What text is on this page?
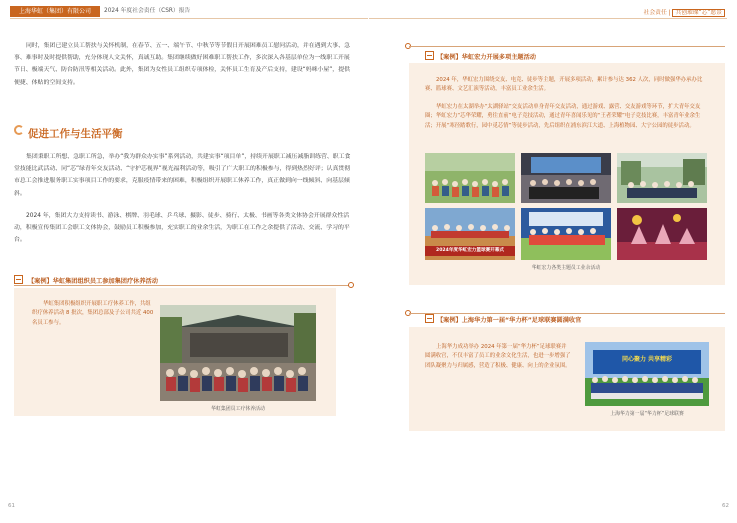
上海华虹（集团）有限公司	2024 年度社会责任（CSR）报告

同时，集团已建立员工帮扶与关怀机制，在春节、五一、端午节、中秋节等节假日开展困难员工慰问活动，并在遇到大事、急事、难事时及时提供帮助，充分体现人文关怀，真诚互助。集团继续做好困难职工帮扶工作，多次深入各基层单位为一线职工开展节日、极端天气、防台防汛等相关活动。此外，集团为女性员工组织专项体检，关怀员工生育及产后支持，建设“妈咪小屋”，提供便捷、体贴的空间支持。

促进工作与生活平衡

集团秉职工所想、急职工所急，举办“我为群众办实事”系列活动，共建实事“项目单”，持续开展职工减压减脂训练营、职工食堂技能比武活动、同“芯”绿青年交友活动、“守护芯视界”视光福利活动等，吸引了广大职工的积极参与，得到热烈好评；认真贯彻市总工会推进服务职工实事项目工作的要求，克服疫情带来的困难，积极组织开展职工休养工作，真正做到向一线倾斜、向基层倾斜。

2024 年，集团大力支持读书、游泳、棋牌、羽毛球、乒乓球、摄影、徒步、骑行、太极、书画等各类文体协会开展群众性活动，积极宣传集团工会职工文体协会，鼓励员工积极参加，充实职工的业余生活，为职工在工作之余提供了活动、交流、学习的平台。

【案例】华虹集团组织员工参加集团疗休养活动

华虹集团积极组织开展职工疗休养工作，共组织疗休养活动 8 批次，集团总部及子公司共近 400 名员工参与。

华虹集团员工疗休养活动
61
社会责任 | 共创璀璨“芯”愿景
【案例】华虹宏力开展多项主题活动

2024 年，华虹宏力围绕交友、电竞、徒步等主题，开展多项活动，累计参与达 362 人次，同时做强华办承办比赛、篮球赛、文艺汇演等活动，丰富员工业余生活。

华虹宏力在太湖举办“太湖驿站”交友活动单身青年交友活动，通过游戏、露营、交友游戏等环节，扩大青年交友圈；华虹宏力“芯华荣耀，勇往直前”电子竞技活动，通过青年喜闻乐见的“王者荣耀”电子竞技比赛，丰富青年业余生活；开展“寒径踏歌行，园中觅芯情”等徒步活动，先后组织在浦东滨江大道、上海植物园、大宁公园的徒步活动。

2024年度华虹宏力篮球赛开幕式
华虹宏力各类主题员工业余活动
【案例】上海华力第一届“华力杯”足球联赛圆满收官

上海华力成功举办 2024 年第一届“华力杯”足球联赛并圆满收官，不仅丰富了员工的业余文化生活，也进一步增强了团队凝聚力与归属感，营造了积极、健康、向上的企业氛围。

同心聚力 共享精彩
上海华力第一届“华力杯”足球联赛
62
